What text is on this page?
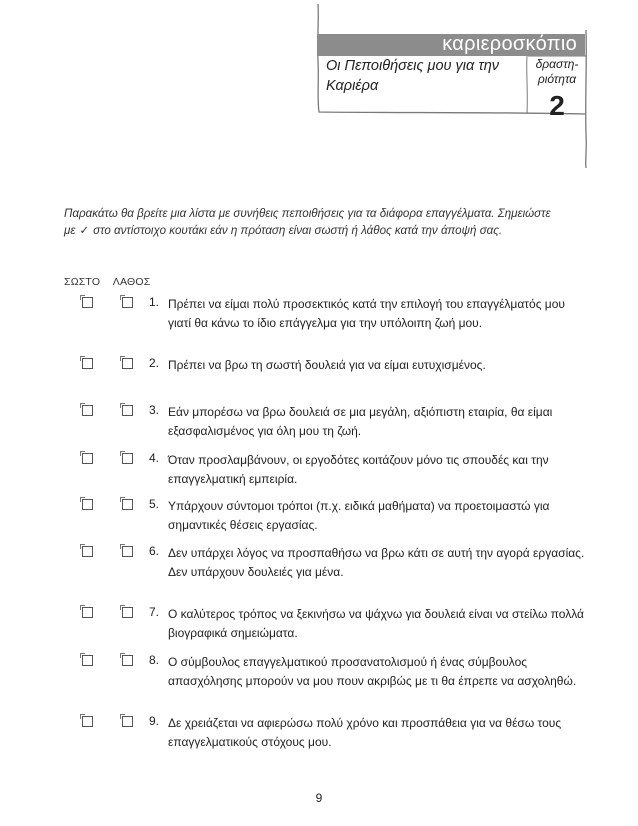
καριεροσκόπιο
Οι Πεποιθήσεις μου για την Καριέρα
δραστη-ριότητα
2
Παρακάτω θα βρείτε μια λίστα με συνήθεις πεποιθήσεις για τα διάφορα επαγγέλματα. Σημειώστε
με ✓ στο αντίστοιχο κουτάκι εάν η πρόταση είναι σωστή ή λάθος κατά την άποψή σας.
ΣΩΣΤΟ ΛΑΘΟΣ
1. Πρέπει να είμαι πολύ προσεκτικός κατά την επιλογή του επαγγέλματός μου γιατί θα κάνω το ίδιο επάγγελμα για την υπόλοιπη ζωή μου.
2. Πρέπει να βρω τη σωστή δουλειά για να είμαι ευτυχισμένος.
3. Εάν μπορέσω να βρω δουλειά σε μια μεγάλη, αξιόπιστη εταιρία, θα είμαι εξασφαλισμένος για όλη μου τη ζωή.
4. Όταν προσλαμβάνουν, οι εργοδότες κοιτάζουν μόνο τις σπουδές και την επαγγελματική εμπειρία.
5. Υπάρχουν σύντομοι τρόποι (π.χ. ειδικά μαθήματα) να προετοιμαστώ για σημαντικές θέσεις εργασίας.
6. Δεν υπάρχει λόγος να προσπαθήσω να βρω κάτι σε αυτή την αγορά εργασίας. Δεν υπάρχουν δουλειές για μένα.
7. Ο καλύτερος τρόπος να ξεκινήσω να ψάχνω για δουλειά είναι να στείλω πολλά βιογραφικά σημειώματα.
8. Ο σύμβουλος επαγγελματικού προσανατολισμού ή ένας σύμβουλος απασχόλησης μπορούν να μου πουν ακριβώς με τι θα έπρεπε να ασχοληθώ.
9. Δε χρειάζεται να αφιερώσω πολύ χρόνο και προσπάθεια για να θέσω τους επαγγελματικούς στόχους μου.
9
